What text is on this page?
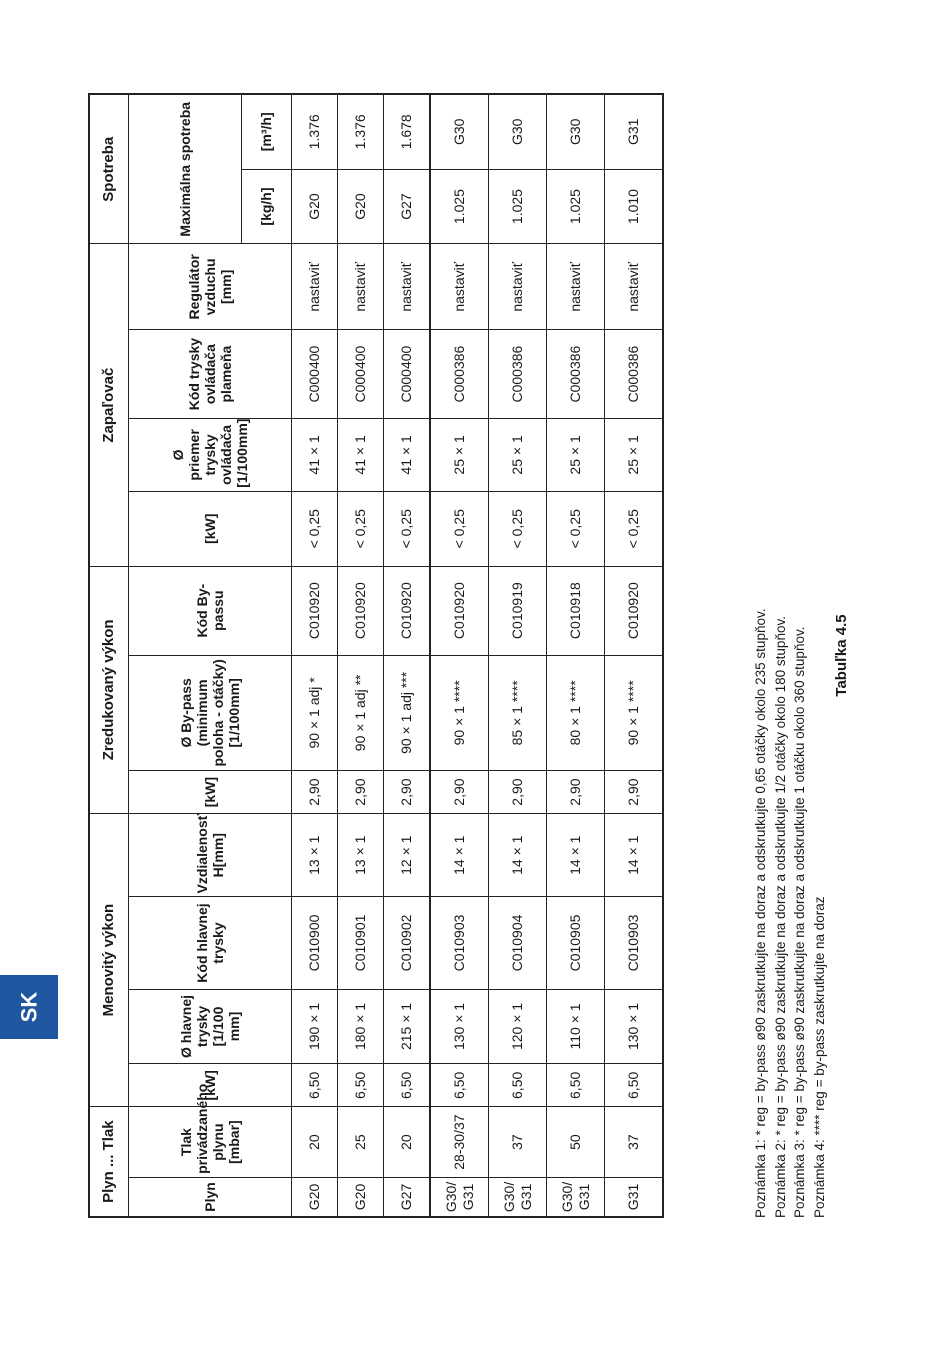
SK
Plyn ... Tlak		Menovitý výkon				Zredukovaný výkon			Zapaľovač				Spotreba	
Plyn	Tlak privádzaného plynu [mbar]	[kW]	Ø hlavnej trysky [1/100 mm]	Kód hlavnej trysky	Vzdialenosť H[mm]	[kW]	Ø By-pass (minimum poloha - otáčky) [1/100mm]	Kód By-passu	[kW]	Ø priemer trysky ovládača [1/100mm]	Kód trysky ovládača plameňa	Regulátor vzduchu [mm]	Maximálna spotreba	
													[kg/h]	[m³/h]
G20	20	6,50	190 × 1	C010900	13 × 1	2,90	90 × 1 adj *	C010920	< 0,25	41 × 1	C000400	nastaviť	G20	1.376
G20	25	6,50	180 × 1	C010901	13 × 1	2,90	90 × 1 adj **	C010920	< 0,25	41 × 1	C000400	nastaviť	G20	1.376
G27	20	6,50	215 × 1	C010902	12 × 1	2,90	90 × 1 adj ***	C010920	< 0,25	41 × 1	C000400	nastaviť	G27	1.678
G30/ G31	28-30/37	6,50	130 × 1	C010903	14 × 1	2,90	90 × 1 ****	C010920	< 0,25	25 × 1	C000386	nastaviť	1.025	G30
G30/ G31	37	6,50	120 × 1	C010904	14 × 1	2,90	85 × 1 ****	C010919	< 0,25	25 × 1	C000386	nastaviť	1.025	G30
G30/ G31	50	6,50	110 × 1	C010905	14 × 1	2,90	80 × 1 ****	C010918	< 0,25	25 × 1	C000386	nastaviť	1.025	G30
G31	37	6,50	130 × 1	C010903	14 × 1	2,90	90 × 1 ****	C010920	< 0,25	25 × 1	C000386	nastaviť	1.010	G31
Poznámka 1: * reg = by-pass ø90 zaskrutkujte na doraz a odskrutkujte 0,65 otáčky okolo 235 stupňov. Poznámka 2: * reg = by-pass ø90 zaskrutkujte na doraz a odskrutkujte 1/2 otáčky okolo 180 stupňov. Poznámka 3: * reg = by-pass ø90 zaskrutkujte na doraz a odskrutkujte 1 otáčku okolo 360 stupňov. Poznámka 4: **** reg = by-pass zaskrutkujte na doraz
Tabuľka 4.5
